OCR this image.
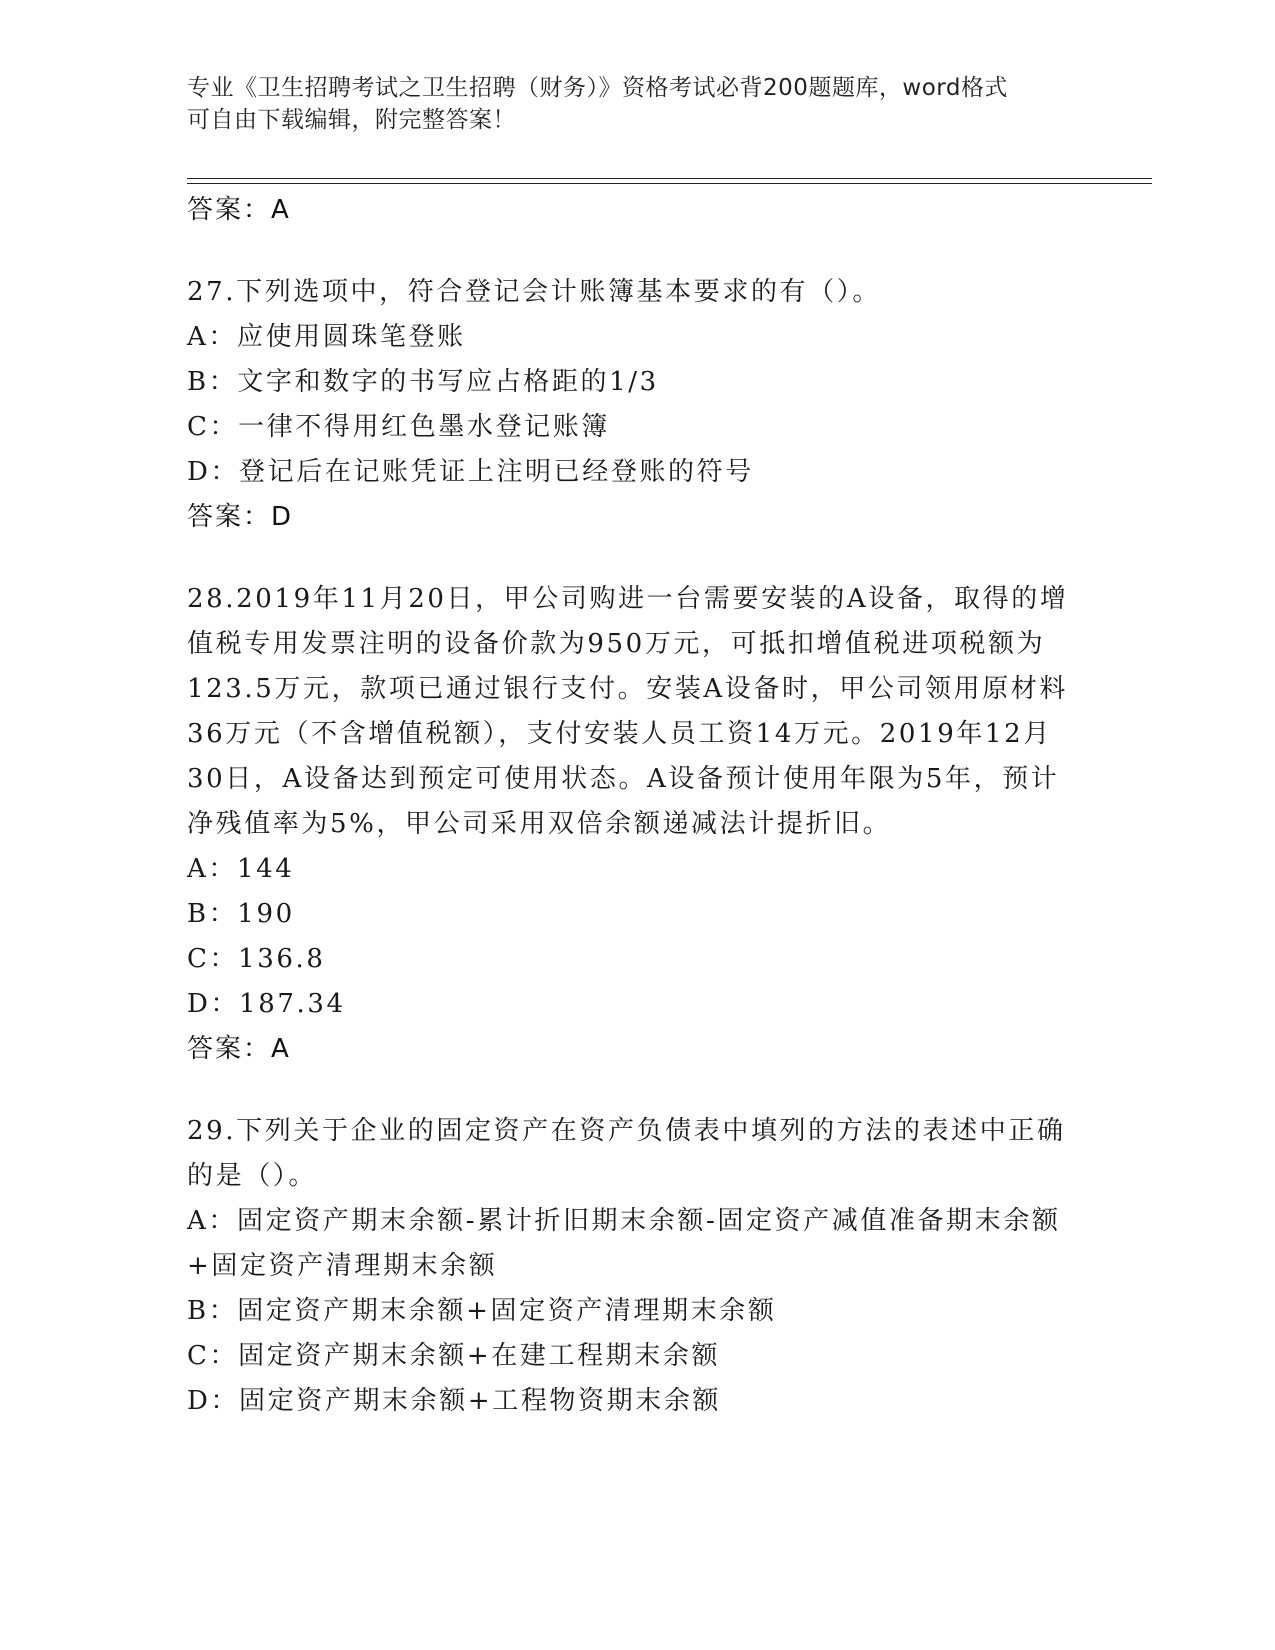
专业《卫生招聘考试之卫生招聘（财务）》资格考试必背200题题库，word格式
可自由下载编辑，附完整答案！
答案：A
27.下列选项中，符合登记会计账簿基本要求的有（）。
A：应使用圆珠笔登账
B：文字和数字的书写应占格距的1/3
C：一律不得用红色墨水登记账簿
D：登记后在记账凭证上注明已经登账的符号
答案：D
28.2019年11月20日，甲公司购进一台需要安装的A设备，取得的增值税专用发票注明的设备价款为950万元，可抵扣增值税进项税额为123.5万元，款项已通过银行支付。安装A设备时，甲公司领用原材料36万元（不含增值税额），支付安装人员工资14万元。2019年12月30日，A设备达到预定可使用状态。A设备预计使用年限为5年，预计净残值率为5%，甲公司采用双倍余额递减法计提折旧。
A：144
B：190
C：136.8
D：187.34
答案：A
29.下列关于企业的固定资产在资产负债表中填列的方法的表述中正确的是（）。
A：固定资产期末余额-累计折旧期末余额-固定资产减值准备期末余额+固定资产清理期末余额
B：固定资产期末余额+固定资产清理期末余额
C：固定资产期末余额+在建工程期末余额
D：固定资产期末余额+工程物资期末余额
